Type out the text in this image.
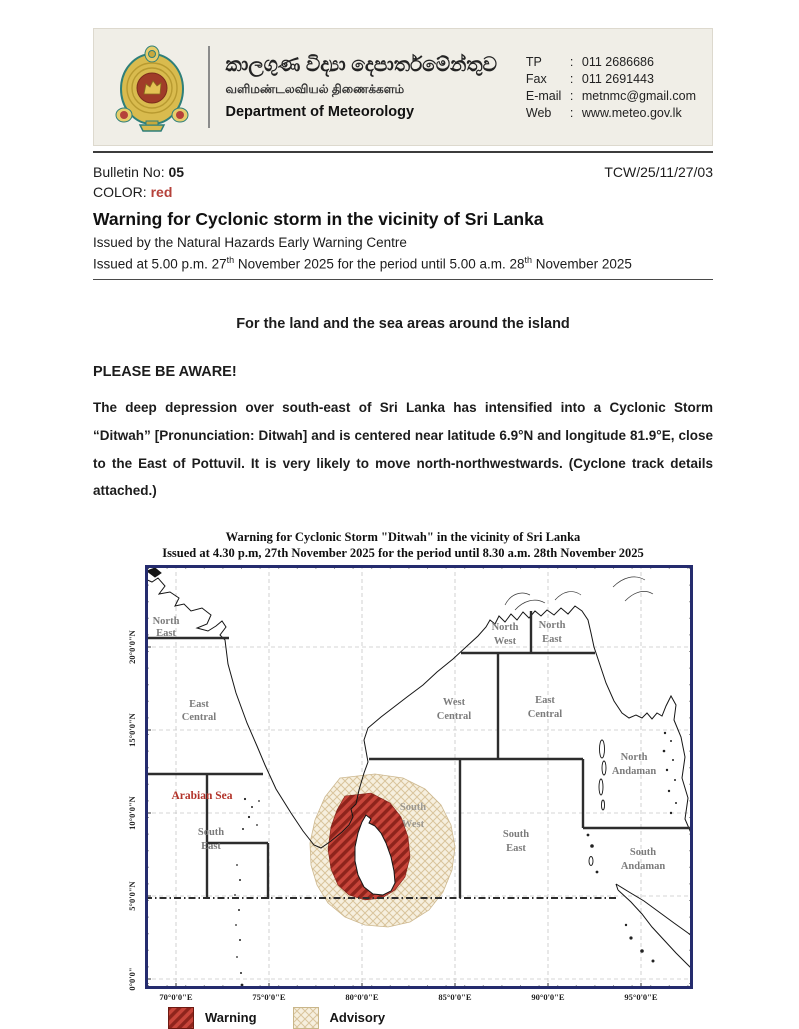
කාලගුණ විද්‍යා දෙපාර්තමේන්තුව
வளிமண்டலவியல் திணைக்களம்
Department of Meteorology
TP	: 011 2686686
Fax	: 011 2691443
E-mail : metnmc@gmail.com
Web	: www.meteo.gov.lk
Bulletin No: 05	TCW/25/11/27/03
COLOR: red
Warning for Cyclonic storm in the vicinity of Sri Lanka
Issued by the Natural Hazards Early Warning Centre
Issued at 5.00 p.m. 27th November 2025 for the period until 5.00 a.m. 28th November 2025
For the land and the sea areas around the island
PLEASE BE AWARE!
The deep depression over south-east of Sri Lanka has intensified into a Cyclonic Storm “Ditwah” [Pronunciation: Ditwah] and is centered near latitude 6.9°N and longitude 81.9°E, close to the East of Pottuvil. It is very likely to move north-northwestwards. (Cyclone track details attached.)
Warning for Cyclonic Storm "Ditwah" in the vicinity of Sri Lanka
Issued at 4.30 p.m, 27th November 2025 for the period until 8.30 a.m. 28th November 2025
North
East
East
Central
South
East
North
West
North
East
West
Central
East
Central
South
West
South
East
North
Andaman
South
Andaman
Arabian Sea
20°0'0"N
15°0'0"N
10°0'0"N
5°0'0"N
0°0'0"
70°0'0"E	75°0'0"E	80°0'0"E	85°0'0"E	90°0'0"E	95°0'0"E
Warning	Advisory
